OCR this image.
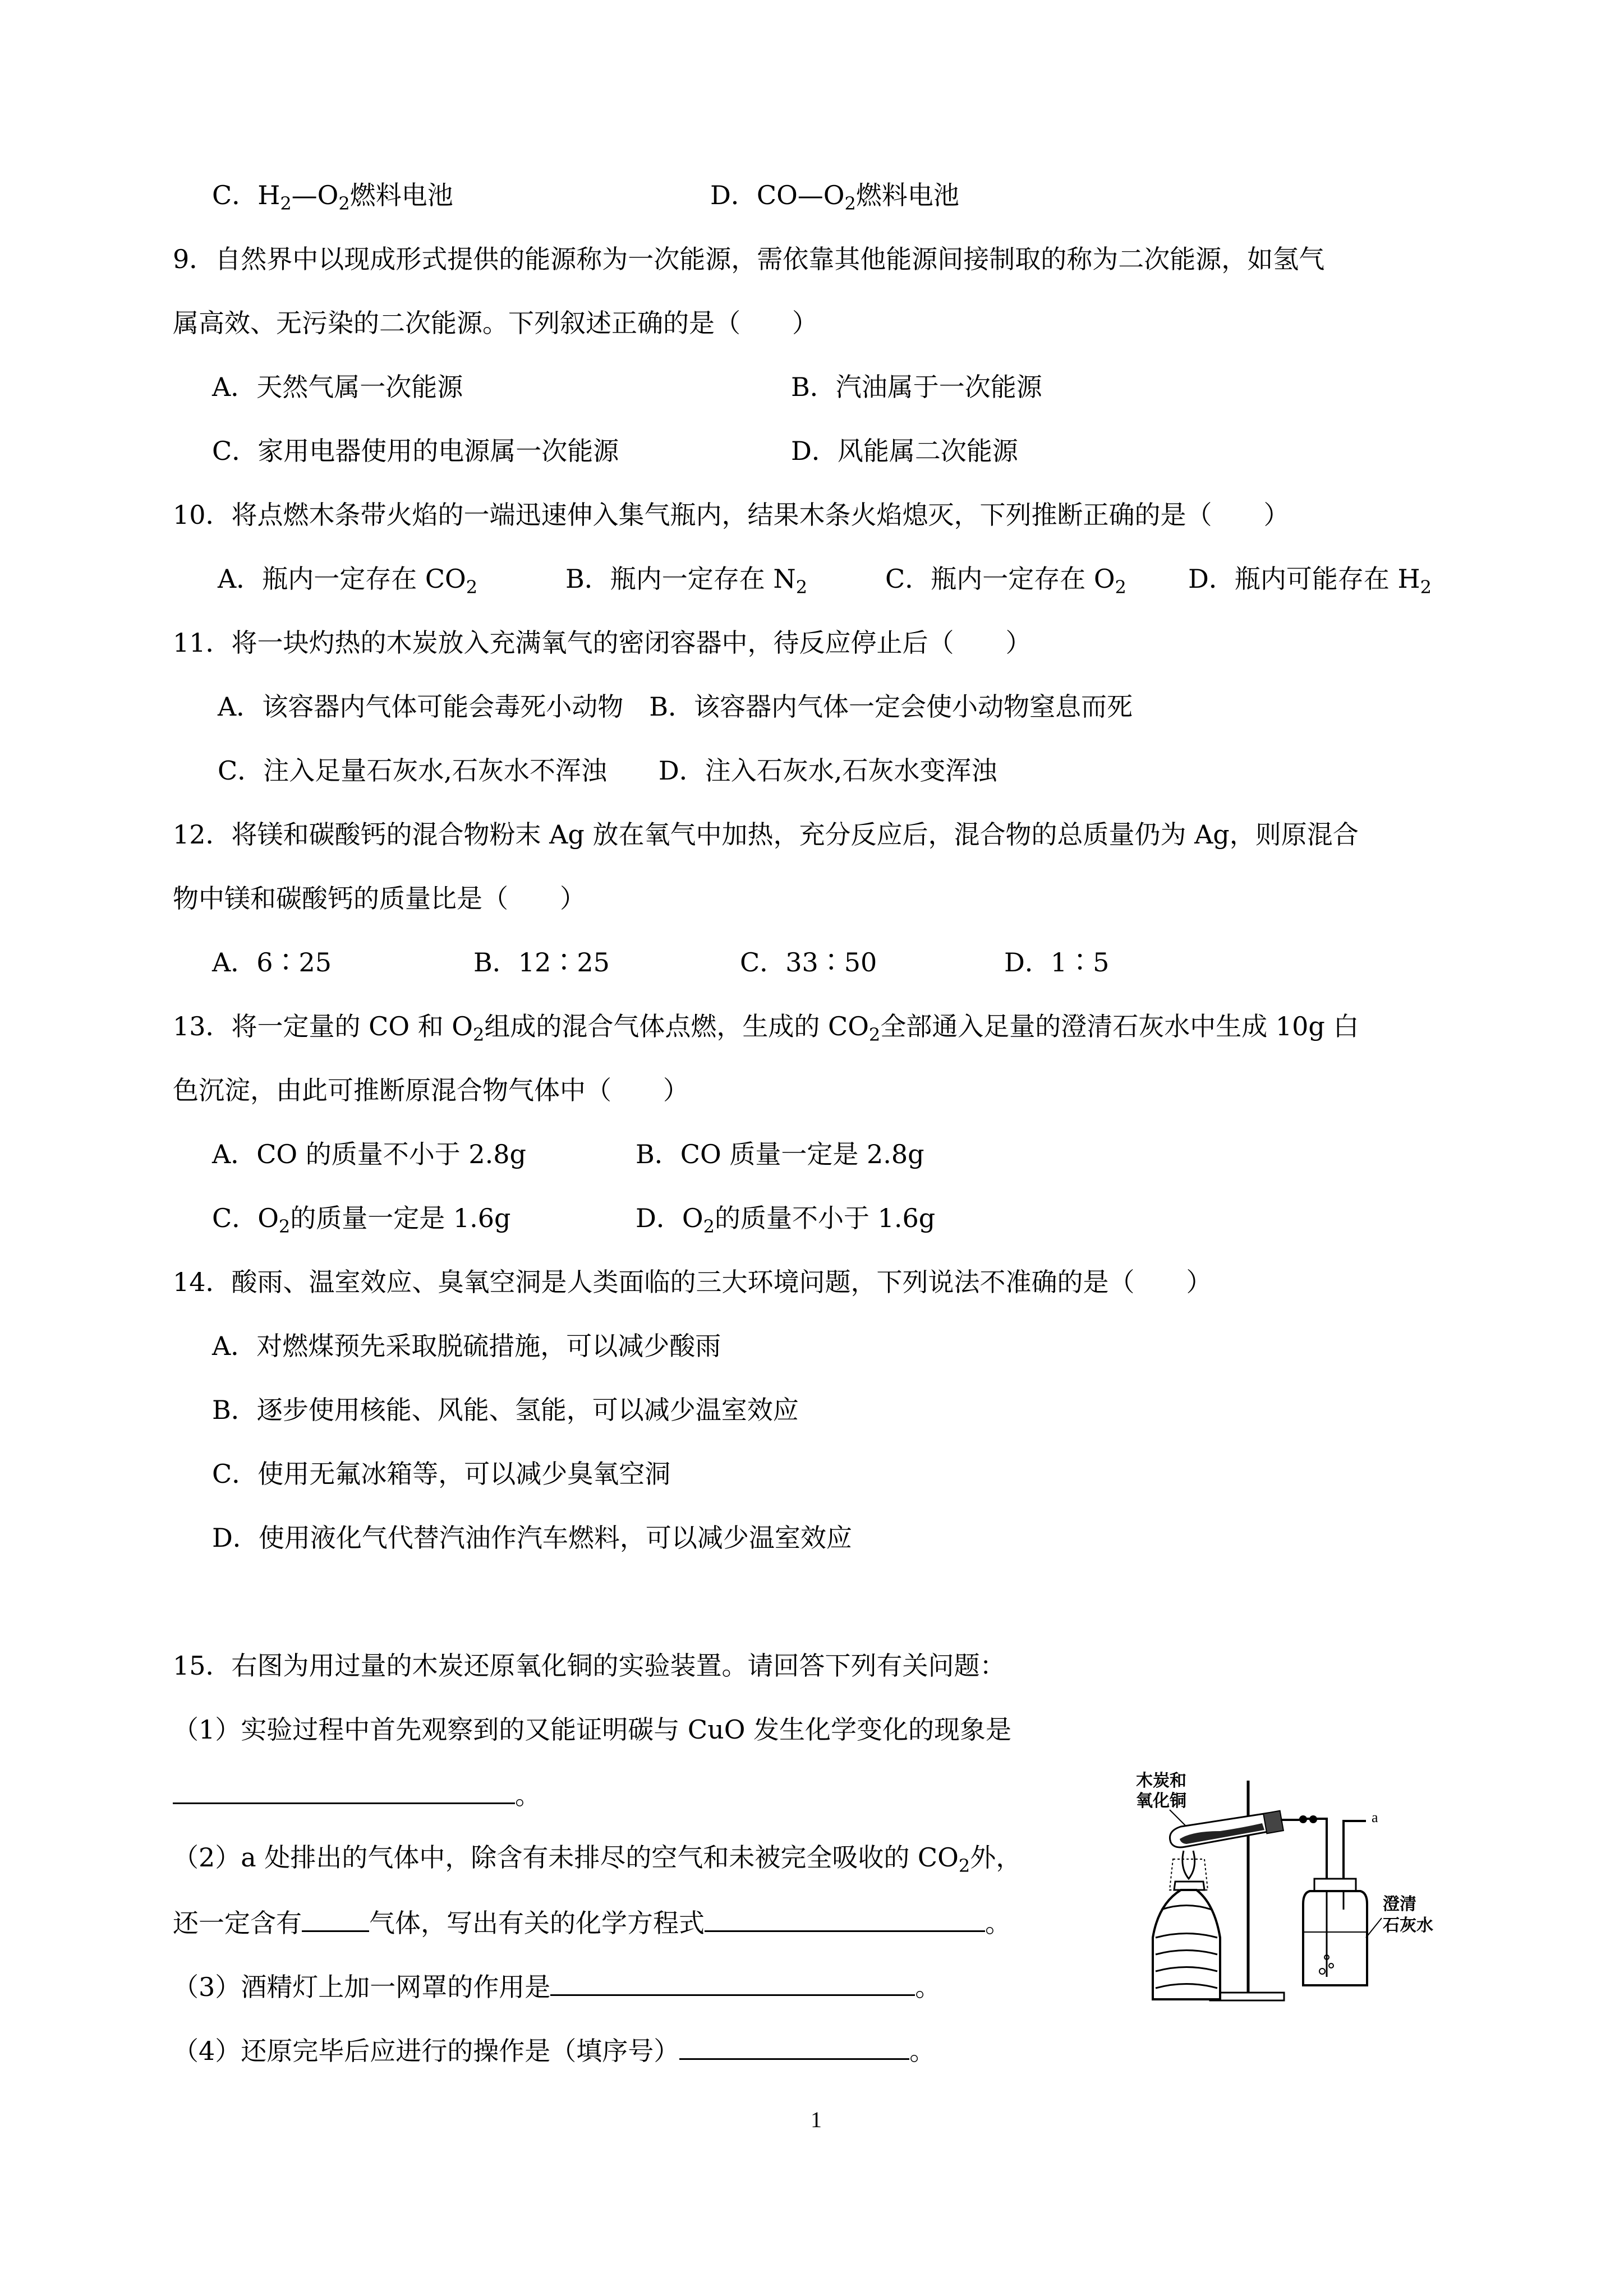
C．$H_2—O_2$燃料电池	D．$CO—O_2$燃料电池
9．自然界中以现成形式提供的能源称为一次能源，需依靠其他能源间接制取的称为二次能源，如氢气
属高效、无污染的二次能源。下列叙述正确的是（　　）
A．天然气属一次能源	B．汽油属于一次能源
C．家用电器使用的电源属一次能源	D．风能属二次能源
10．将点燃木条带火焰的一端迅速伸入集气瓶内，结果木条火焰熄灭，下列推断正确的是（　　）
A．瓶内一定存在 $CO_2$	B．瓶内一定存在 $N_2$	C．瓶内一定存在 $O_2$ D．瓶内可能存在 $H_2$
11．将一块灼热的木炭放入充满氧气的密闭容器中，待反应停止后（　　）
A．该容器内气体可能会毒死小动物　B．该容器内气体一定会使小动物窒息而死
C．注入足量石灰水,石灰水不浑浊　　D．注入石灰水,石灰水变浑浊
12．将镁和碳酸钙的混合物粉末 Ag 放在氧气中加热，充分反应后，混合物的总质量仍为 Ag，则原混合
物中镁和碳酸钙的质量比是（　　）
A．6∶25	B．12∶25	C．33∶50	D．1∶5
13．将一定量的 CO 和 $O_2$组成的混合气体点燃，生成的 $CO_2$全部通入足量的澄清石灰水中生成 10g 白
色沉淀，由此可推断原混合物气体中（　　）
A．CO 的质量不小于 2.8g	B．CO 质量一定是 2.8g
C．$O_2$的质量一定是 1.6g	D．$O_2$的质量不小于 1.6g
14．酸雨、温室效应、臭氧空洞是人类面临的三大环境问题，下列说法不准确的是（　　）
A．对燃煤预先采取脱硫措施，可以减少酸雨
B．逐步使用核能、风能、氢能，可以减少温室效应
C．使用无氟冰箱等，可以减少臭氧空洞
D．使用液化气代替汽油作汽车燃料，可以减少温室效应
15．右图为用过量的木炭还原氧化铜的实验装置。请回答下列有关问题：
（1）实验过程中首先观察到的又能证明碳与 CuO 发生化学变化的现象是
。
（2）a 处排出的气体中，除含有未排尽的空气和未被完全吸收的 $CO_2$外，
还一定含有	气体，写出有关的化学方程式	。
（3）酒精灯上加一网罩的作用是	。
（4）还原完毕后应进行的操作是（填序号）	。
木炭和
氧化铜
a
澄清
石灰水
1
